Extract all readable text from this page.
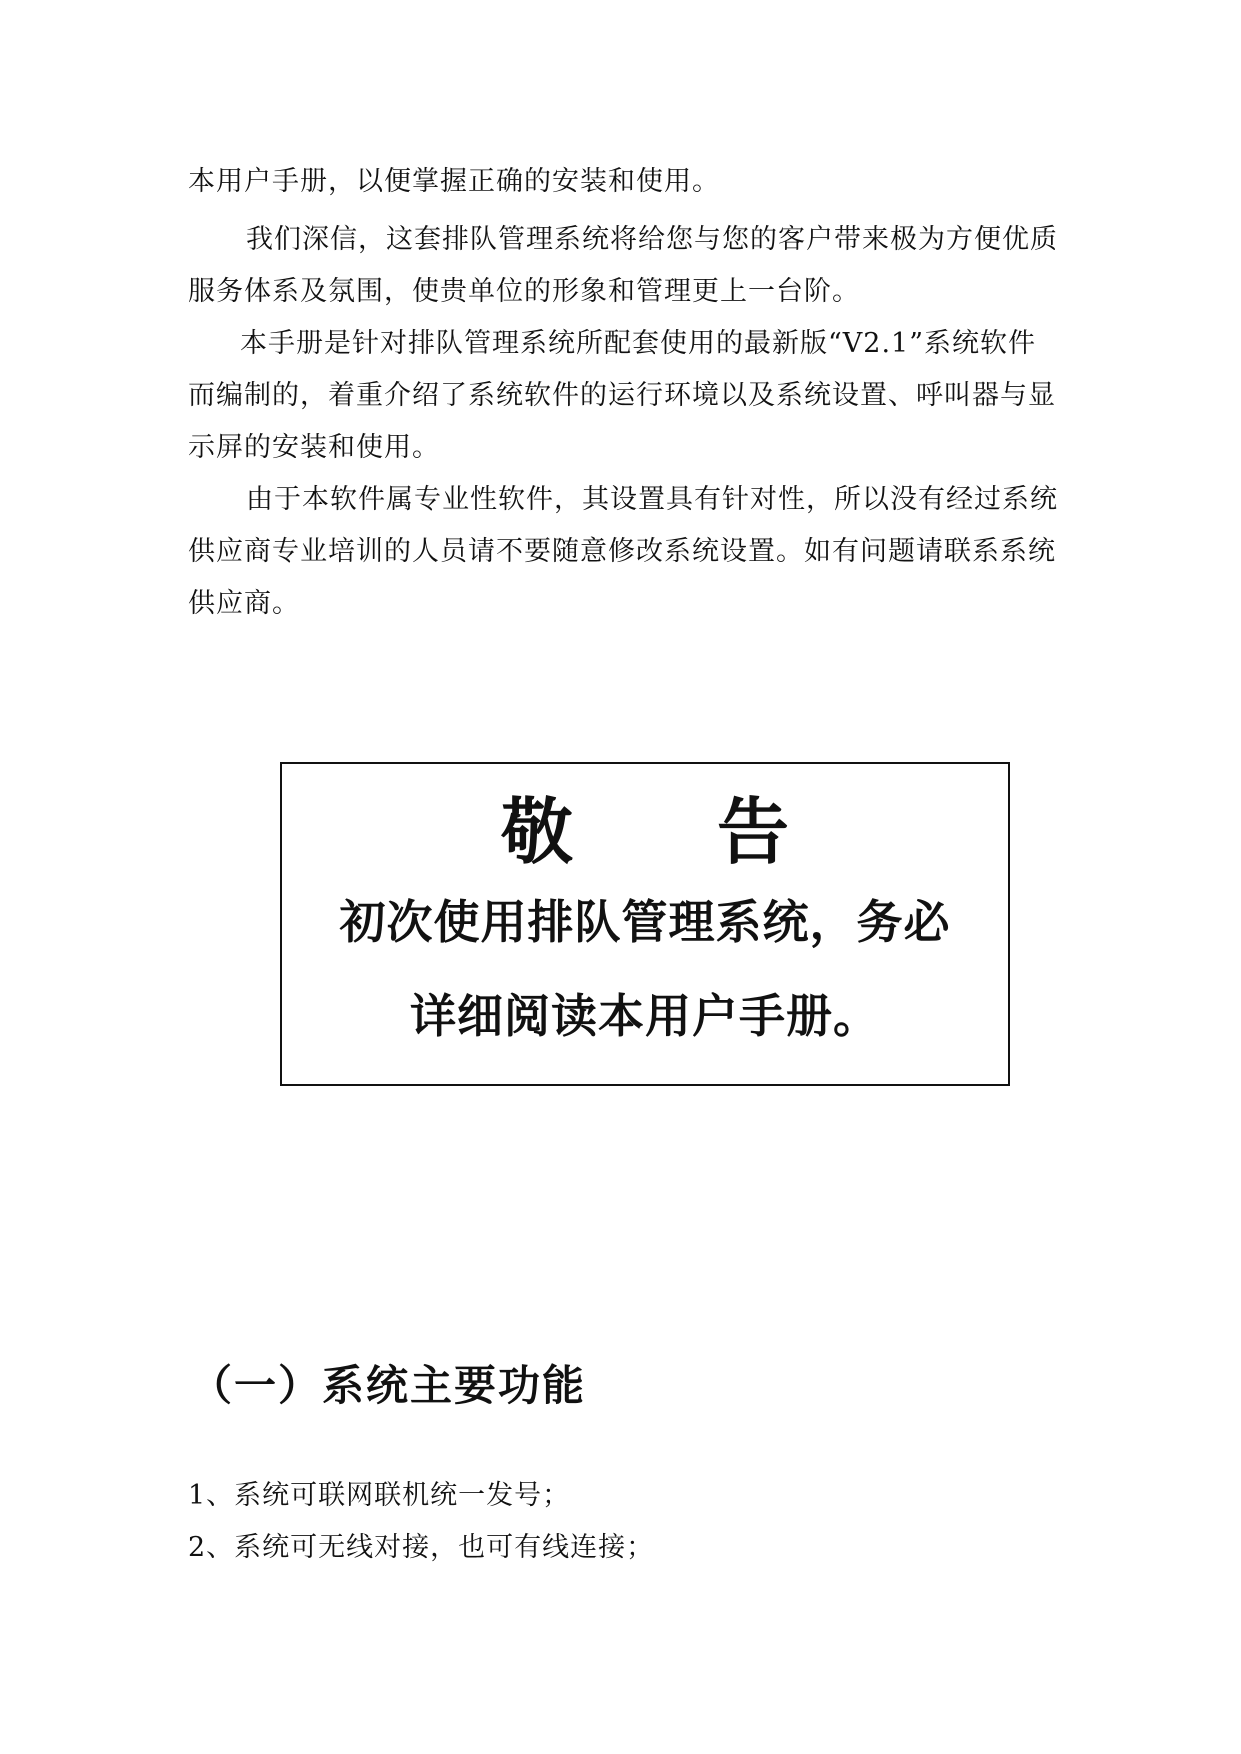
本用户手册，以便掌握正确的安装和使用。

我们深信，这套排队管理系统将给您与您的客户带来极为方便优质服务体系及氛围，使贵单位的形象和管理更上一台阶。

本手册是针对排队管理系统所配套使用的最新版“V2.1”系统软件而编制的，着重介绍了系统软件的运行环境以及系统设置、呼叫器与显示屏的安装和使用。

由于本软件属专业性软件，其设置具有针对性，所以没有经过系统供应商专业培训的人员请不要随意修改系统设置。如有问题请联系系统供应商。

敬告

初次使用排队管理系统，务必

详细阅读本用户手册。

（一）系统主要功能
1、系统可联网联机统一发号；
2、系统可无线对接，也可有线连接；
